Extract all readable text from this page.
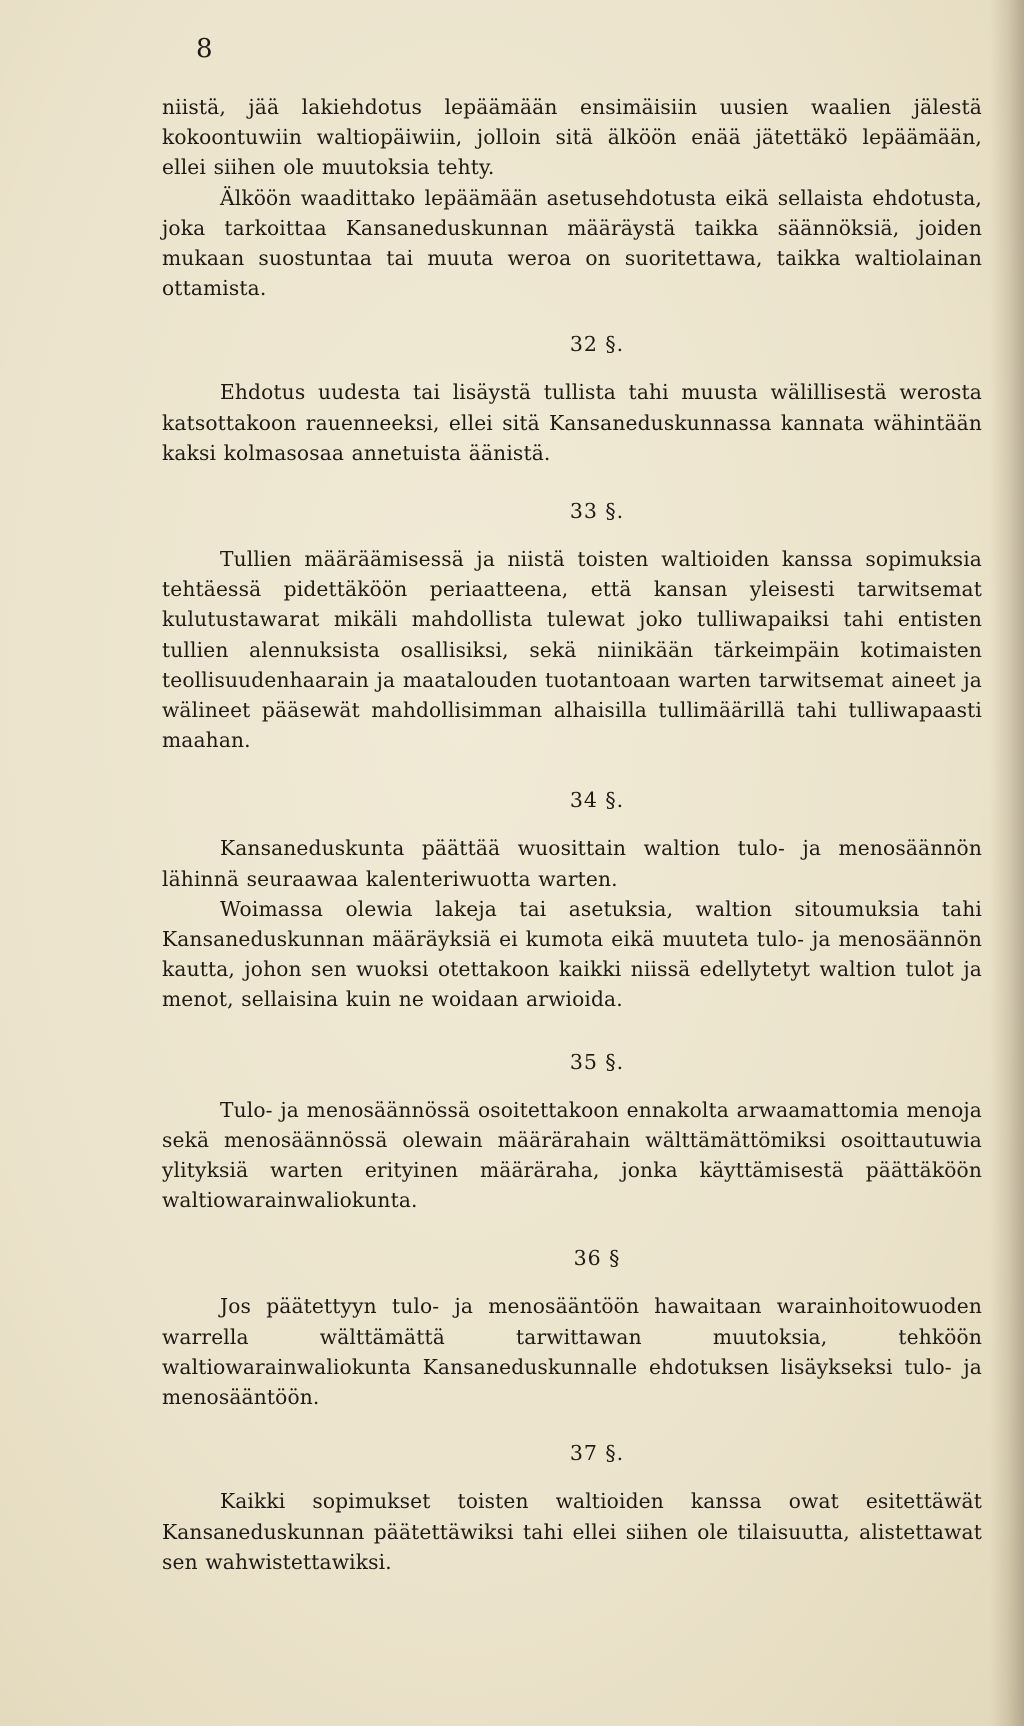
8

niistä, jää lakiehdotus lepäämään ensimäisiin uusien waalien jälestä kokoontuwiin waltiopäiwiin, jolloin sitä älköön enää jätettäkö lepäämään, ellei siihen ole muutoksia tehty.

Älköön waadittako lepäämään asetusehdotusta eikä sellaista ehdotusta, joka tarkoittaa Kansaneduskunnan määräystä taikka säännöksiä, joiden mukaan suostuntaa tai muuta weroa on suoritettawa, taikka waltiolainan ottamista.

32 §.

Ehdotus uudesta tai lisäystä tullista tahi muusta wälillisestä werosta katsottakoon rauenneeksi, ellei sitä Kansaneduskunnassa kannata wähintään kaksi kolmasosaa annetuista äänistä.

33 §.

Tullien määräämisessä ja niistä toisten waltioiden kanssa sopimuksia tehtäessä pidettäköön periaatteena, että kansan yleisesti tarwitsemat kulutustawarat mikäli mahdollista tulewat joko tulliwapaiksi tahi entisten tullien alennuksista osallisiksi, sekä niinikään tärkeimpäin kotimaisten teollisuudenhaarain ja maatalouden tuotantoaan warten tarwitsemat aineet ja wälineet pääsewät mahdollisimman alhaisilla tullimäärillä tahi tulliwapaasti maahan.

34 §.

Kansaneduskunta päättää wuosittain waltion tulo- ja menosäännön lähinnä seuraawaa kalenteriwuotta warten.

Woimassa olewia lakeja tai asetuksia, waltion sitoumuksia tahi Kansaneduskunnan määräyksiä ei kumota eikä muuteta tulo- ja menosäännön kautta, johon sen wuoksi otettakoon kaikki niissä edellytetyt waltion tulot ja menot, sellaisina kuin ne woidaan arwioida.

35 §.

Tulo- ja menosäännössä osoitettakoon ennakolta arwaamattomia menoja sekä menosäännössä olewain määrärahain wälttämättömiksi osoittautuwia ylityksiä warten erityinen määräraha, jonka käyttämisestä päättäköön waltiowarainwaliokunta.

36 §

Jos päätettyyn tulo- ja menosääntöön hawaitaan warainhoitowuoden warrella wälttämättä tarwittawan muutoksia, tehköön waltiowarainwaliokunta Kansaneduskunnalle ehdotuksen lisäykseksi tulo- ja menosääntöön.

37 §.

Kaikki sopimukset toisten waltioiden kanssa owat esitettäwät Kansaneduskunnan päätettäwiksi tahi ellei siihen ole tilaisuutta, alistettawat sen wahwistettawiksi.
